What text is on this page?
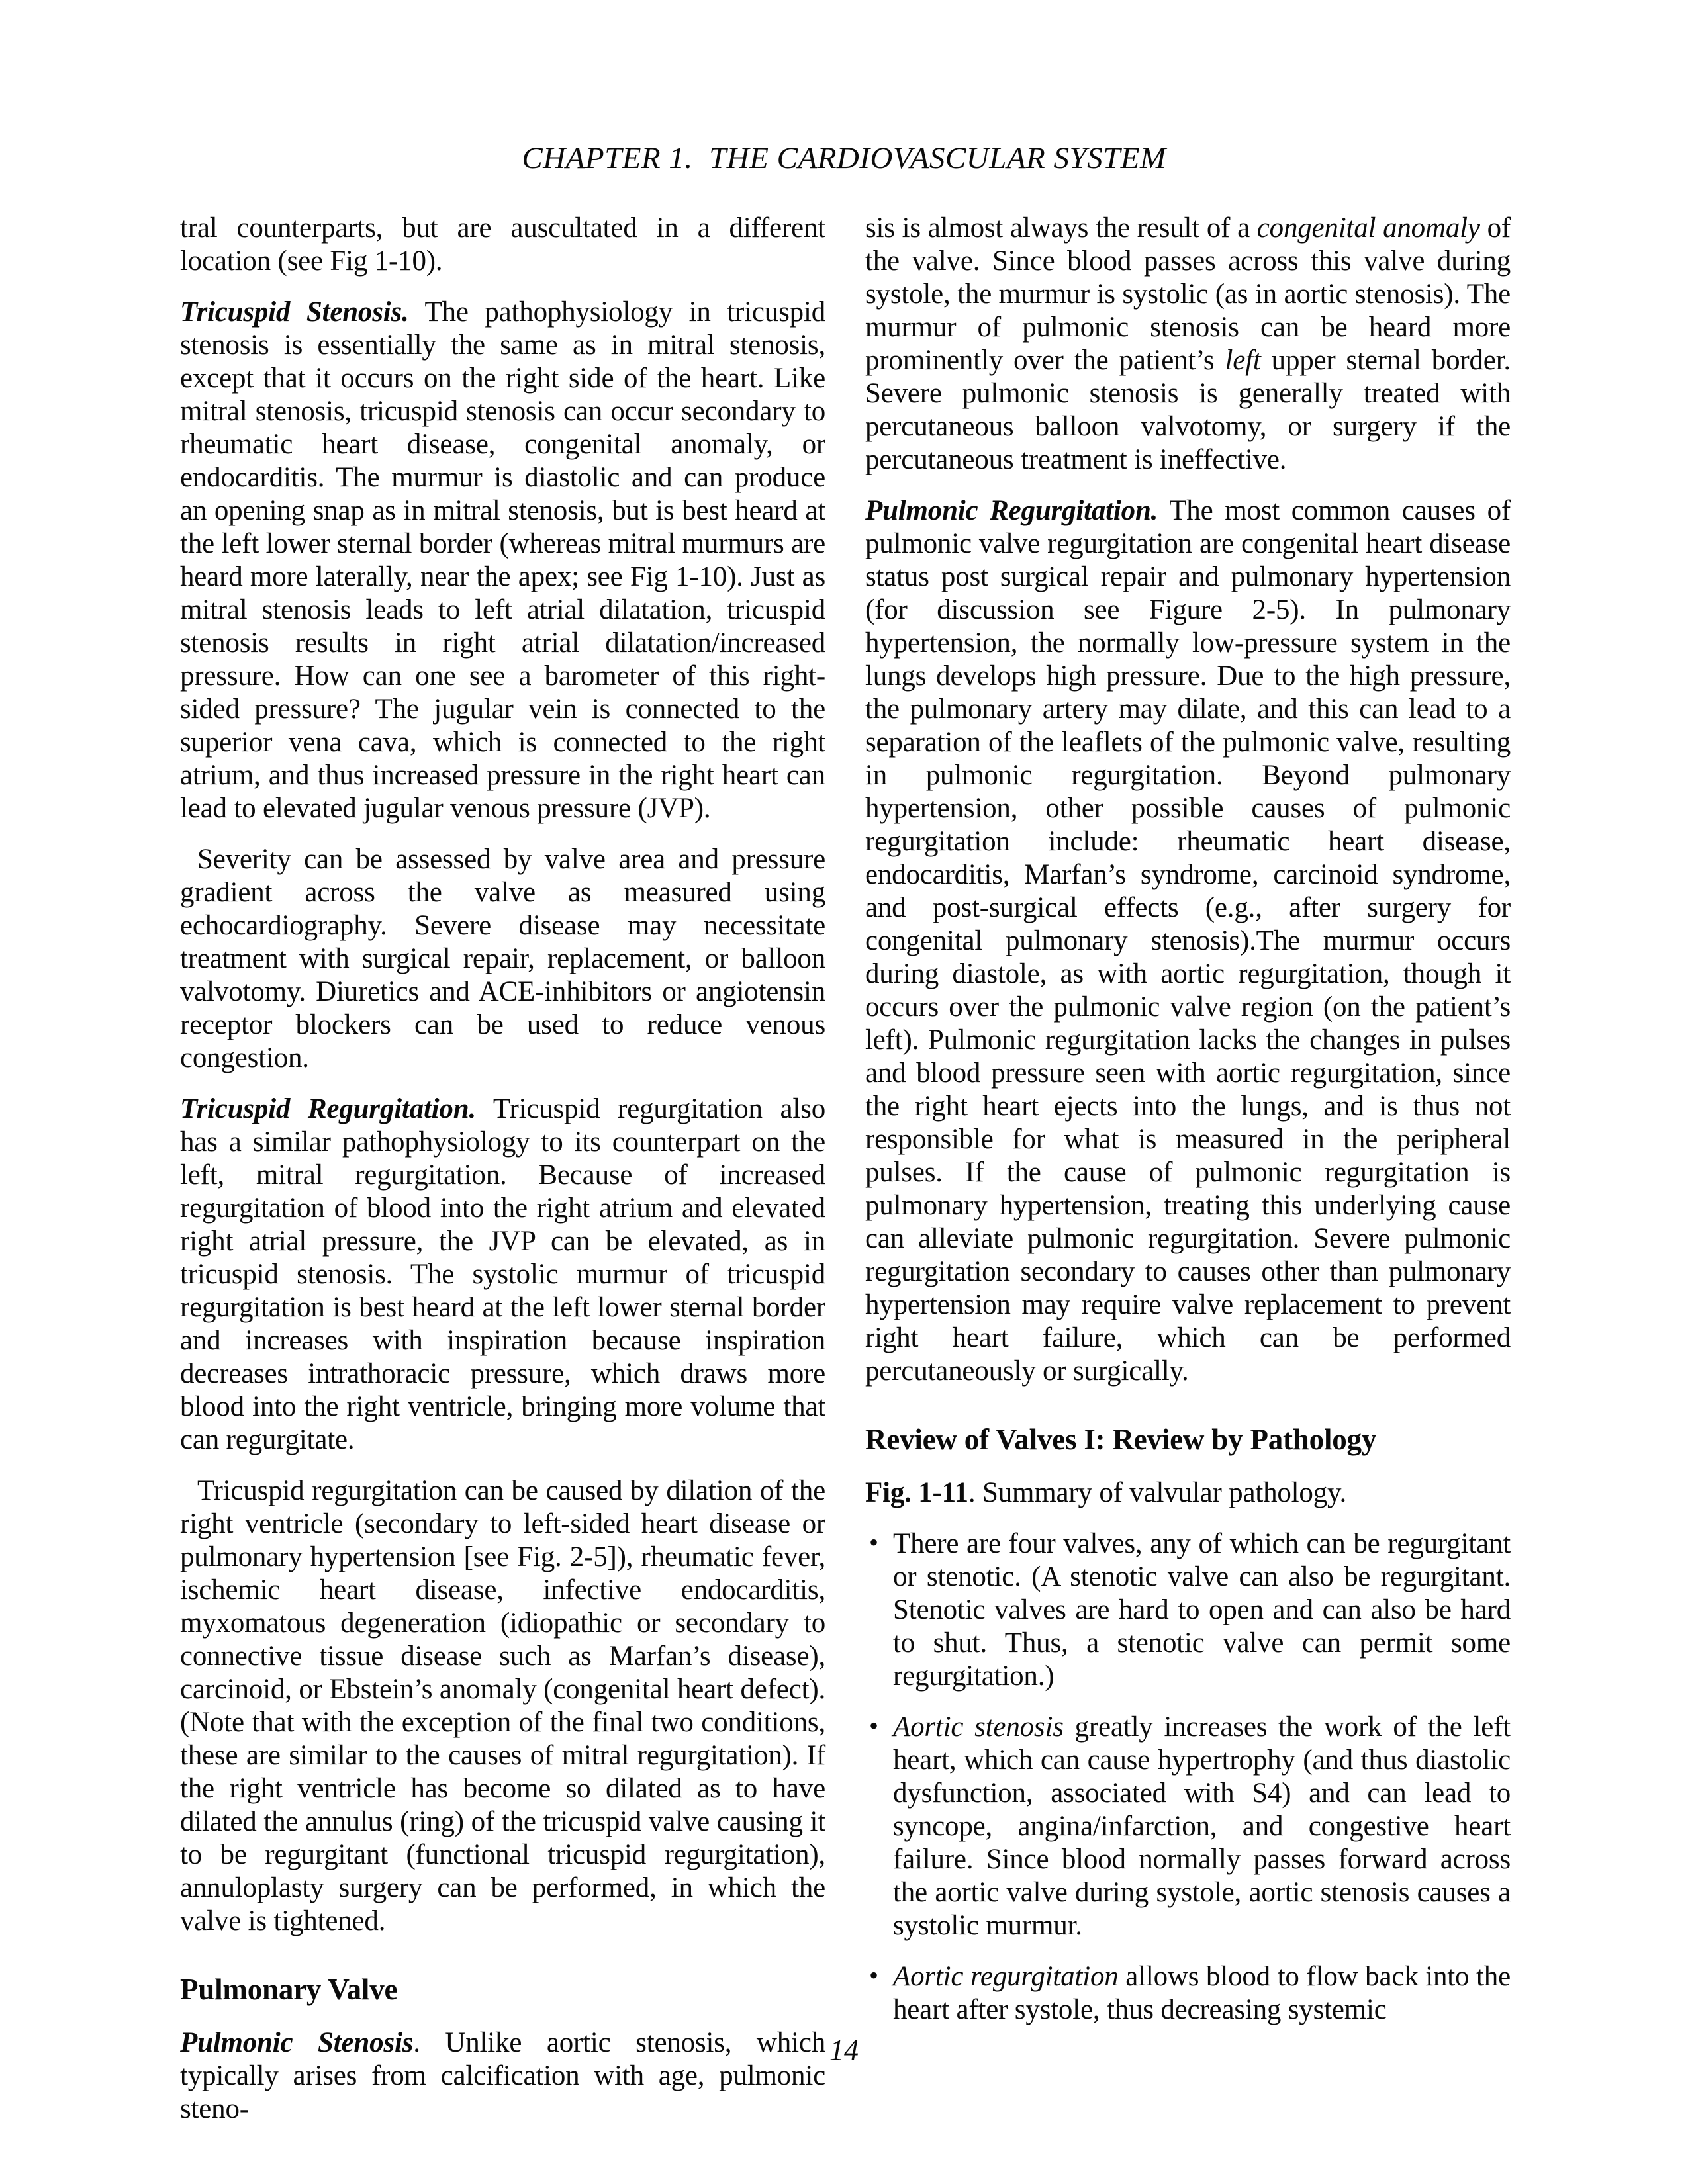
CHAPTER 1.  THE CARDIOVASCULAR SYSTEM

tral counterparts, but are auscultated in a different location (see Fig 1-10).

Tricuspid Stenosis. The pathophysiology in tricuspid stenosis is essentially the same as in mitral stenosis, except that it occurs on the right side of the heart. Like mitral stenosis, tricuspid stenosis can occur secondary to rheumatic heart disease, congenital anomaly, or endocarditis. The murmur is diastolic and can produce an opening snap as in mitral stenosis, but is best heard at the left lower sternal border (whereas mitral murmurs are heard more laterally, near the apex; see Fig 1-10). Just as mitral stenosis leads to left atrial dilatation, tricuspid stenosis results in right atrial dilatation/increased pressure. How can one see a barometer of this right-sided pressure? The jugular vein is connected to the superior vena cava, which is connected to the right atrium, and thus increased pressure in the right heart can lead to elevated jugular venous pressure (JVP).

Severity can be assessed by valve area and pressure gradient across the valve as measured using echocardiography. Severe disease may necessitate treatment with surgical repair, replacement, or balloon valvotomy. Diuretics and ACE-inhibitors or angiotensin receptor blockers can be used to reduce venous congestion.

Tricuspid Regurgitation. Tricuspid regurgitation also has a similar pathophysiology to its counterpart on the left, mitral regurgitation. Because of increased regurgitation of blood into the right atrium and elevated right atrial pressure, the JVP can be elevated, as in tricuspid stenosis. The systolic murmur of tricuspid regurgitation is best heard at the left lower sternal border and increases with inspiration because inspiration decreases intrathoracic pressure, which draws more blood into the right ventricle, bringing more volume that can regurgitate.

Tricuspid regurgitation can be caused by dilation of the right ventricle (secondary to left-sided heart disease or pulmonary hypertension [see Fig. 2-5]), rheumatic fever, ischemic heart disease, infective endocarditis, myxomatous degeneration (idiopathic or secondary to connective tissue disease such as Marfan’s disease), carcinoid, or Ebstein’s anomaly (congenital heart defect). (Note that with the exception of the final two conditions, these are similar to the causes of mitral regurgitation). If the right ventricle has become so dilated as to have dilated the annulus (ring) of the tricuspid valve causing it to be regurgitant (functional tricuspid regurgitation), annuloplasty surgery can be performed, in which the valve is tightened.

Pulmonary Valve

Pulmonic Stenosis. Unlike aortic stenosis, which typically arises from calcification with age, pulmonic steno-

sis is almost always the result of a congenital anomaly of the valve. Since blood passes across this valve during systole, the murmur is systolic (as in aortic stenosis). The murmur of pulmonic stenosis can be heard more prominently over the patient’s left upper sternal border. Severe pulmonic stenosis is generally treated with percutaneous balloon valvotomy, or surgery if the percutaneous treatment is ineffective.

Pulmonic Regurgitation. The most common causes of pulmonic valve regurgitation are congenital heart disease status post surgical repair and pulmonary hypertension (for discussion see Figure 2-5). In pulmonary hypertension, the normally low-pressure system in the lungs develops high pressure. Due to the high pressure, the pulmonary artery may dilate, and this can lead to a separation of the leaflets of the pulmonic valve, resulting in pulmonic regurgitation. Beyond pulmonary hypertension, other possible causes of pulmonic regurgitation include: rheumatic heart disease, endocarditis, Marfan’s syndrome, carcinoid syndrome, and post-surgical effects (e.g., after surgery for congenital pulmonary stenosis).The murmur occurs during diastole, as with aortic regurgitation, though it occurs over the pulmonic valve region (on the patient’s left). Pulmonic regurgitation lacks the changes in pulses and blood pressure seen with aortic regurgitation, since the right heart ejects into the lungs, and is thus not responsible for what is measured in the peripheral pulses. If the cause of pulmonic regurgitation is pulmonary hypertension, treating this underlying cause can alleviate pulmonic regurgitation. Severe pulmonic regurgitation secondary to causes other than pulmonary hypertension may require valve replacement to prevent right heart failure, which can be performed percutaneously or surgically.

Review of Valves I: Review by Pathology

Fig. 1-11. Summary of valvular pathology.

• There are four valves, any of which can be regurgitant or stenotic. (A stenotic valve can also be regurgitant. Stenotic valves are hard to open and can also be hard to shut. Thus, a stenotic valve can permit some regurgitation.)

• Aortic stenosis greatly increases the work of the left heart, which can cause hypertrophy (and thus diastolic dysfunction, associated with S4) and can lead to syncope, angina/infarction, and congestive heart failure. Since blood normally passes forward across the aortic valve during systole, aortic stenosis causes a systolic murmur.

• Aortic regurgitation allows blood to flow back into the heart after systole, thus decreasing systemic

14
